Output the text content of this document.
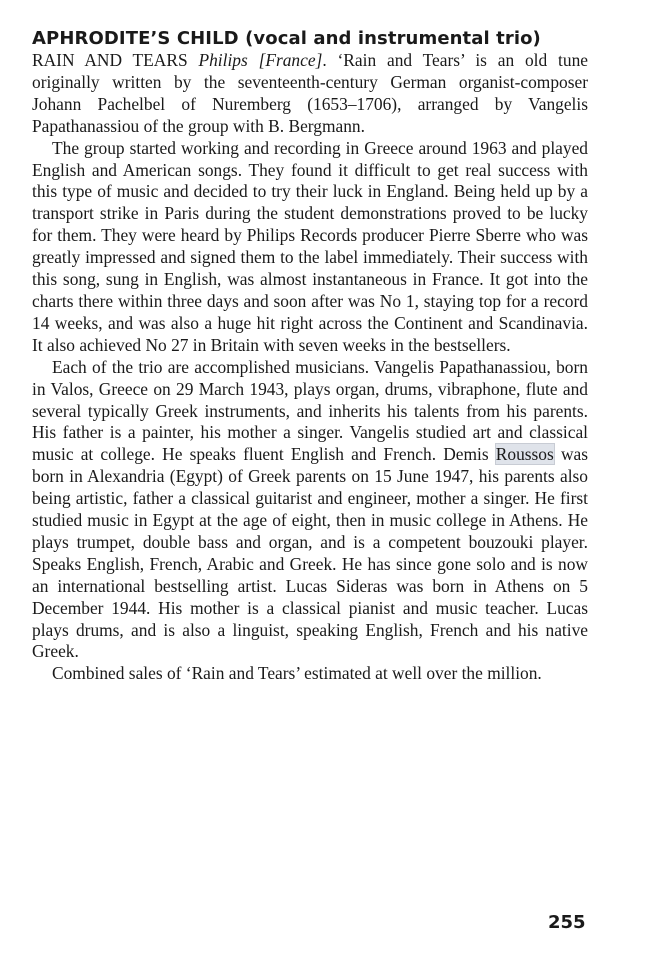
APHRODITE’S CHILD (vocal and instrumental trio)

RAIN AND TEARS Philips [France]. ‘Rain and Tears’ is an old tune originally written by the seventeenth-century German organist-composer Johann Pachelbel of Nuremberg (1653–1706), arranged by Vangelis Papathanassiou of the group with B. Bergmann.

The group started working and recording in Greece around 1963 and played English and American songs. They found it difficult to get real success with this type of music and decided to try their luck in England. Being held up by a transport strike in Paris during the student demonstrations proved to be lucky for them. They were heard by Philips Records producer Pierre Sberre who was greatly impressed and signed them to the label immediately. Their success with this song, sung in English, was almost instantaneous in France. It got into the charts there within three days and soon after was No 1, staying top for a record 14 weeks, and was also a huge hit right across the Continent and Scandinavia. It also achieved No 27 in Britain with seven weeks in the bestsellers.

Each of the trio are accomplished musicians. Vangelis Papathanassiou, born in Valos, Greece on 29 March 1943, plays organ, drums, vibraphone, flute and several typically Greek instruments, and inherits his talents from his parents. His father is a painter, his mother a singer. Vangelis studied art and classical music at college. He speaks fluent English and French. Demis Roussos was born in Alexandria (Egypt) of Greek parents on 15 June 1947, his parents also being artistic, father a classical guitarist and engineer, mother a singer. He first studied music in Egypt at the age of eight, then in music college in Athens. He plays trumpet, double bass and organ, and is a competent bouzouki player. Speaks English, French, Arabic and Greek. He has since gone solo and is now an international bestselling artist. Lucas Sideras was born in Athens on 5 December 1944. His mother is a classical pianist and music teacher. Lucas plays drums, and is also a linguist, speaking English, French and his native Greek.

Combined sales of ‘Rain and Tears’ estimated at well over the million.

255
